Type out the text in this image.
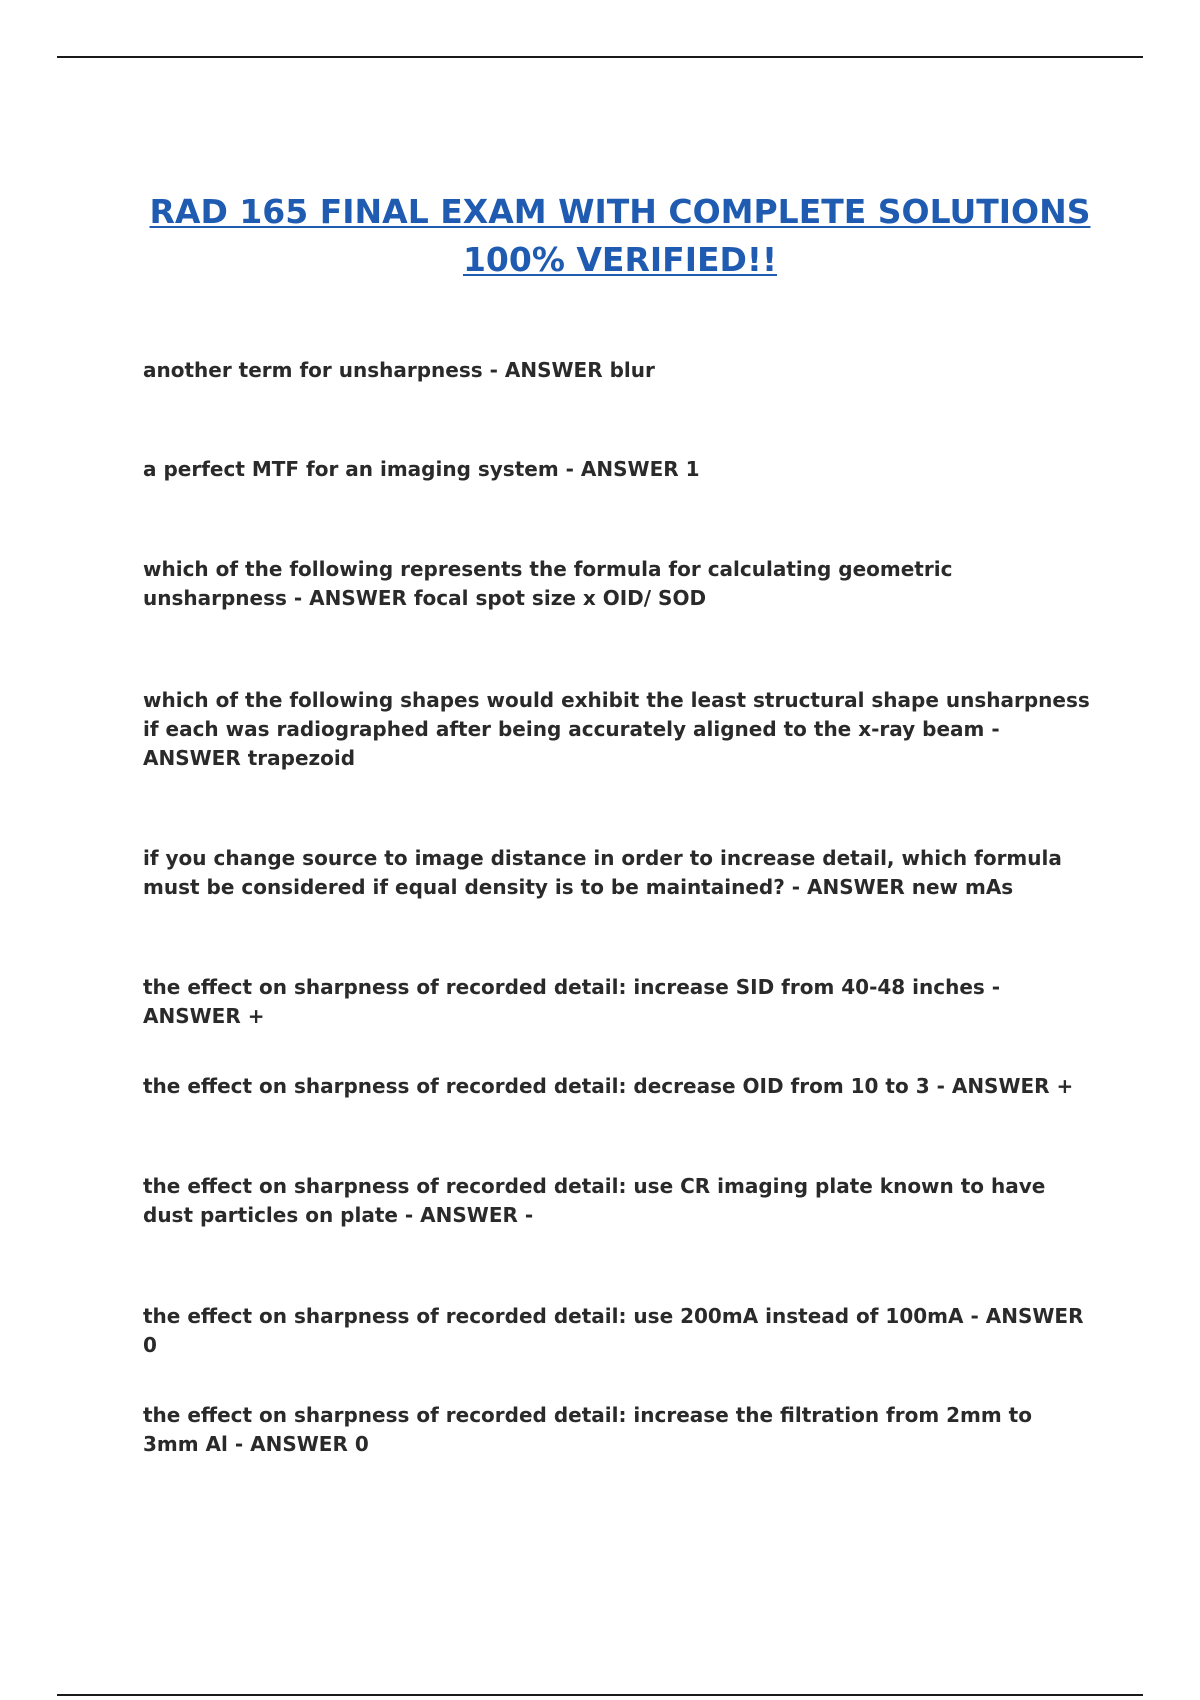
RAD 165 FINAL EXAM WITH COMPLETE SOLUTIONS
100% VERIFIED!!

another term for unsharpness - ANSWER blur

a perfect MTF for an imaging system - ANSWER 1

which of the following represents the formula for calculating geometric unsharpness - ANSWER focal spot size x OID/ SOD

which of the following shapes would exhibit the least structural shape unsharpness if each was radiographed after being accurately aligned to the x-ray beam - ANSWER trapezoid

if you change source to image distance in order to increase detail, which formula must be considered if equal density is to be maintained? - ANSWER new mAs

the effect on sharpness of recorded detail: increase SID from 40-48 inches - ANSWER +

the effect on sharpness of recorded detail: decrease OID from 10 to 3 - ANSWER +

the effect on sharpness of recorded detail: use CR imaging plate known to have dust particles on plate - ANSWER -

the effect on sharpness of recorded detail: use 200mA instead of 100mA - ANSWER 0

the effect on sharpness of recorded detail: increase the filtration from 2mm to 3mm Al - ANSWER 0
